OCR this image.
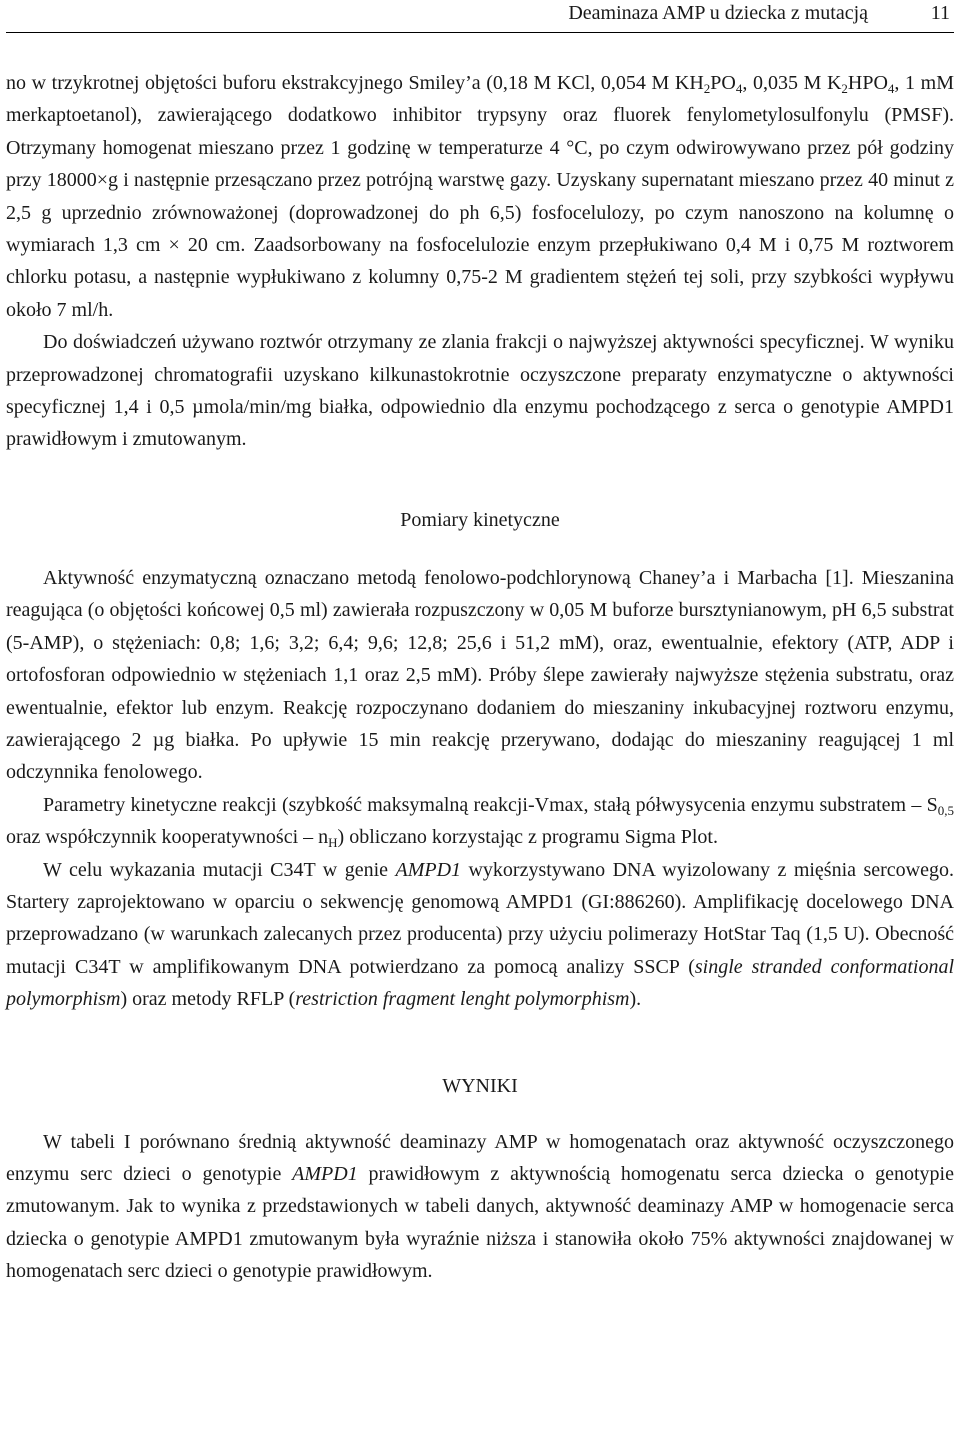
Deaminaza AMP u dziecka z mutacją	11

no w trzykrotnej objętości buforu ekstrakcyjnego Smiley’a (0,18 M KCl, 0,054 M $KH_2PO_4$, 0,035 M $K_2HPO_4$, 1 mM merkaptoetanol), zawierającego dodatkowo inhibitor trypsyny oraz fluorek fenylometylosulfonylu (PMSF). Otrzymany homogenat mieszano przez 1 godzinę w temperaturze 4 °C, po czym odwirowywano przez pół godziny przy 18000×g i następnie przesączano przez potrójną warstwę gazy. Uzyskany supernatant mieszano przez 40 minut z 2,5 g uprzednio zrównoważonej (doprowadzonej do ph 6,5) fosfocelulozy, po czym nanoszono na kolumnę o wymiarach 1,3 cm × 20 cm. Zaadsorbowany na fosfocelulozie enzym przepłukiwano 0,4 M i 0,75 M roztworem chlorku potasu, a następnie wypłukiwano z kolumny 0,75-2 M gradientem stężeń tej soli, przy szybkości wypływu około 7 ml/h.

Do doświadczeń używano roztwór otrzymany ze zlania frakcji o najwyższej aktywności specyficznej. W wyniku przeprowadzonej chromatografii uzyskano kilkunastokrotnie oczyszczone preparaty enzymatyczne o aktywności specyficznej 1,4 i 0,5 µmola/min/mg białka, odpowiednio dla enzymu pochodzącego z serca o genotypie AMPD1 prawidłowym i zmutowanym.

Pomiary kinetyczne

Aktywność enzymatyczną oznaczano metodą fenolowo-podchlorynową Chaney’a i Marbacha [1]. Mieszanina reagująca (o objętości końcowej 0,5 ml) zawierała rozpuszczony w 0,05 M buforze bursztynianowym, pH 6,5 substrat (5-AMP), o stężeniach: 0,8; 1,6; 3,2; 6,4; 9,6; 12,8; 25,6 i 51,2 mM), oraz, ewentualnie, efektory (ATP, ADP i ortofosforan odpowiednio w stężeniach 1,1 oraz 2,5 mM). Próby ślepe zawierały najwyższe stężenia substratu, oraz ewentualnie, efektor lub enzym. Reakcję rozpoczynano dodaniem do mieszaniny inkubacyjnej roztworu enzymu, zawierającego 2 µg białka. Po upływie 15 min reakcję przerywano, dodając do mieszaniny reagującej 1 ml odczynnika fenolowego.

Parametry kinetyczne reakcji (szybkość maksymalną reakcji-Vmax, stałą półwysycenia enzymu substratem – $S_{0,5}$ oraz współczynnik kooperatywności – $n_H$) obliczano korzystając z programu Sigma Plot.

W celu wykazania mutacji C34T w genie AMPD1 wykorzystywano DNA wyizolowany z mięśnia sercowego. Startery zaprojektowano w oparciu o sekwencję genomową AMPD1 (GI:886260). Amplifikację docelowego DNA przeprowadzano (w warunkach zalecanych przez producenta) przy użyciu polimerazy HotStar Taq (1,5 U). Obecność mutacji C34T w amplifikowanym DNA potwierdzano za pomocą analizy SSCP (single stranded conformational polymorphism) oraz metody RFLP (restriction fragment lenght polymorphism).

WYNIKI

W tabeli I porównano średnią aktywność deaminazy AMP w homogenatach oraz aktywność oczyszczonego enzymu serc dzieci o genotypie AMPD1 prawidłowym z aktywnością homogenatu serca dziecka o genotypie zmutowanym. Jak to wynika z przedstawionych w tabeli danych, aktywność deaminazy AMP w homogenacie serca dziecka o genotypie AMPD1 zmutowanym była wyraźnie niższa i stanowiła około 75% aktywności znajdowanej w homogenatach serc dzieci o genotypie prawidłowym.
